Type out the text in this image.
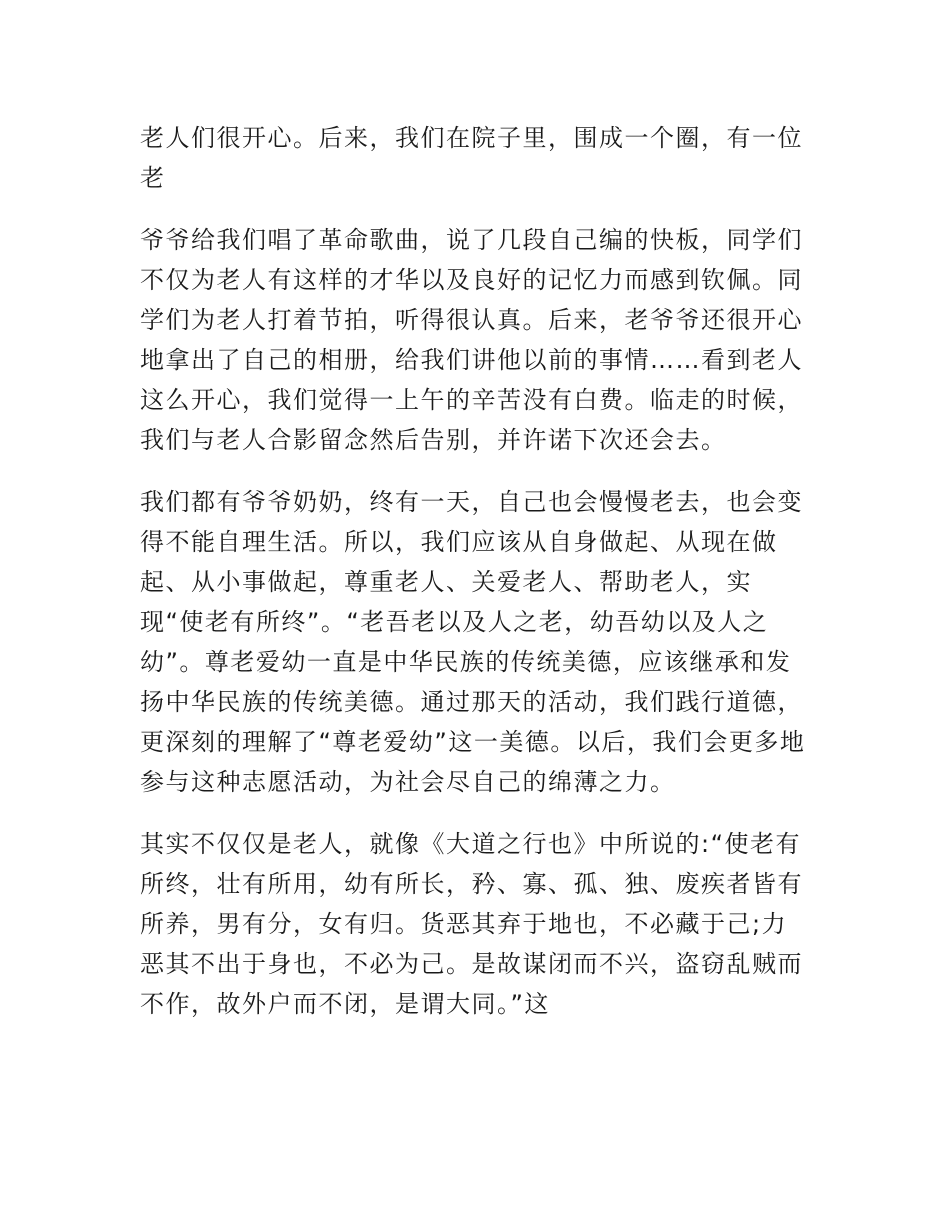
老人们很开心。后来，我们在院子里，围成一个圈，有一位老

爷爷给我们唱了革命歌曲，说了几段自己编的快板，同学们不仅为老人有这样的才华以及良好的记忆力而感到钦佩。同学们为老人打着节拍，听得很认真。后来，老爷爷还很开心地拿出了自己的相册，给我们讲他以前的事情……看到老人这么开心，我们觉得一上午的辛苦没有白费。临走的时候，我们与老人合影留念然后告别，并许诺下次还会去。

我们都有爷爷奶奶，终有一天，自己也会慢慢老去，也会变得不能自理生活。所以，我们应该从自身做起、从现在做起、从小事做起，尊重老人、关爱老人、帮助老人，实现“使老有所终”。“老吾老以及人之老，幼吾幼以及人之幼”。尊老爱幼一直是中华民族的传统美德，应该继承和发扬中华民族的传统美德。通过那天的活动，我们践行道德，更深刻的理解了“尊老爱幼”这一美德。以后，我们会更多地参与这种志愿活动，为社会尽自己的绵薄之力。

其实不仅仅是老人，就像《大道之行也》中所说的:“使老有所终，壮有所用，幼有所长，矜、寡、孤、独、废疾者皆有所养，男有分，女有归。货恶其弃于地也，不必藏于己;力恶其不出于身也，不必为己。是故谋闭而不兴，盗窃乱贼而不作，故外户而不闭，是谓大同。”这
